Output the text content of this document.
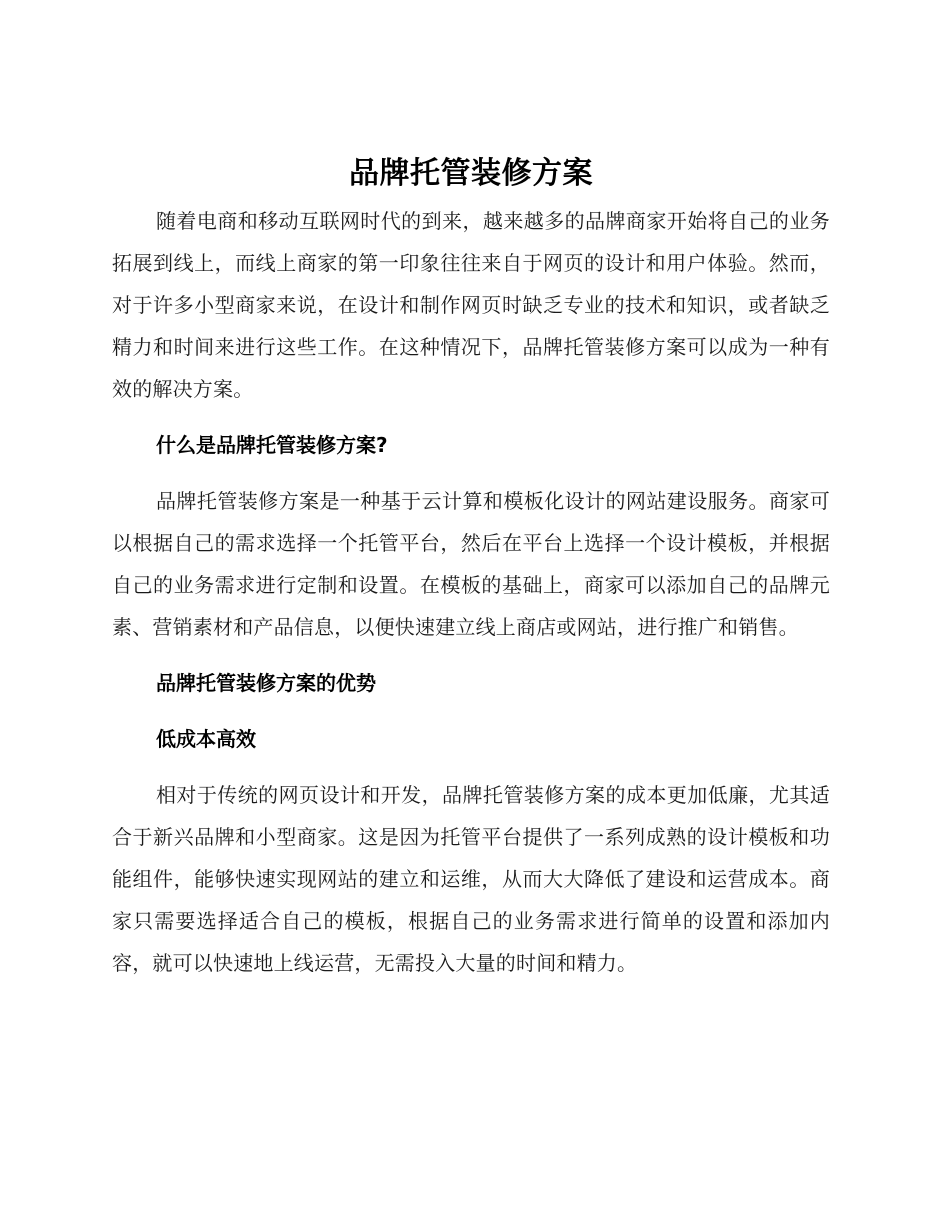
品牌托管装修方案

随着电商和移动互联网时代的到来，越来越多的品牌商家开始将自己的业务拓展到线上，而线上商家的第一印象往往来自于网页的设计和用户体验。然而，对于许多小型商家来说，在设计和制作网页时缺乏专业的技术和知识，或者缺乏精力和时间来进行这些工作。在这种情况下，品牌托管装修方案可以成为一种有效的解决方案。

什么是品牌托管装修方案?

品牌托管装修方案是一种基于云计算和模板化设计的网站建设服务。商家可以根据自己的需求选择一个托管平台，然后在平台上选择一个设计模板，并根据自己的业务需求进行定制和设置。在模板的基础上，商家可以添加自己的品牌元素、营销素材和产品信息，以便快速建立线上商店或网站，进行推广和销售。

品牌托管装修方案的优势
低成本高效

相对于传统的网页设计和开发，品牌托管装修方案的成本更加低廉，尤其适合于新兴品牌和小型商家。这是因为托管平台提供了一系列成熟的设计模板和功能组件，能够快速实现网站的建立和运维，从而大大降低了建设和运营成本。商家只需要选择适合自己的模板，根据自己的业务需求进行简单的设置和添加内容，就可以快速地上线运营，无需投入大量的时间和精力。
